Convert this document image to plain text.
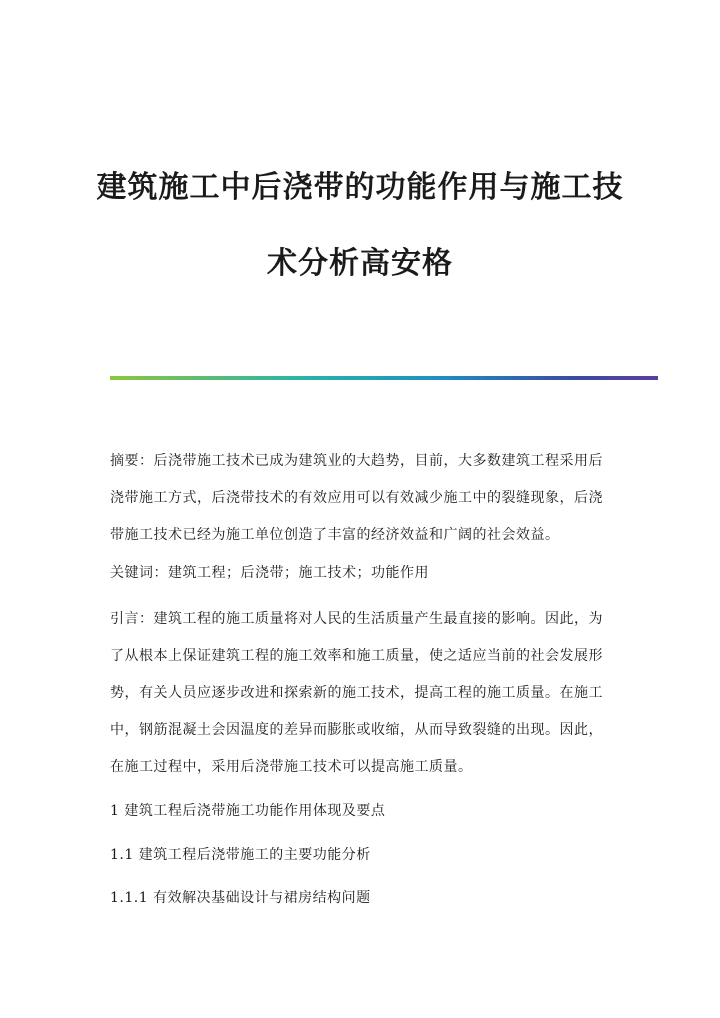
建筑施工中后浇带的功能作用与施工技
术分析高安格

摘要：后浇带施工技术已成为建筑业的大趋势，目前，大多数建筑工程采用后浇带施工方式，后浇带技术的有效应用可以有效减少施工中的裂缝现象，后浇带施工技术已经为施工单位创造了丰富的经济效益和广阔的社会效益。

关键词：建筑工程；后浇带；施工技术；功能作用

引言：建筑工程的施工质量将对人民的生活质量产生最直接的影响。因此，为了从根本上保证建筑工程的施工效率和施工质量，使之适应当前的社会发展形势，有关人员应逐步改进和探索新的施工技术，提高工程的施工质量。在施工中，钢筋混凝土会因温度的差异而膨胀或收缩，从而导致裂缝的出现。因此，在施工过程中，采用后浇带施工技术可以提高施工质量。

1 建筑工程后浇带施工功能作用体现及要点

1.1 建筑工程后浇带施工的主要功能分析

1.1.1 有效解决基础设计与裙房结构问题
